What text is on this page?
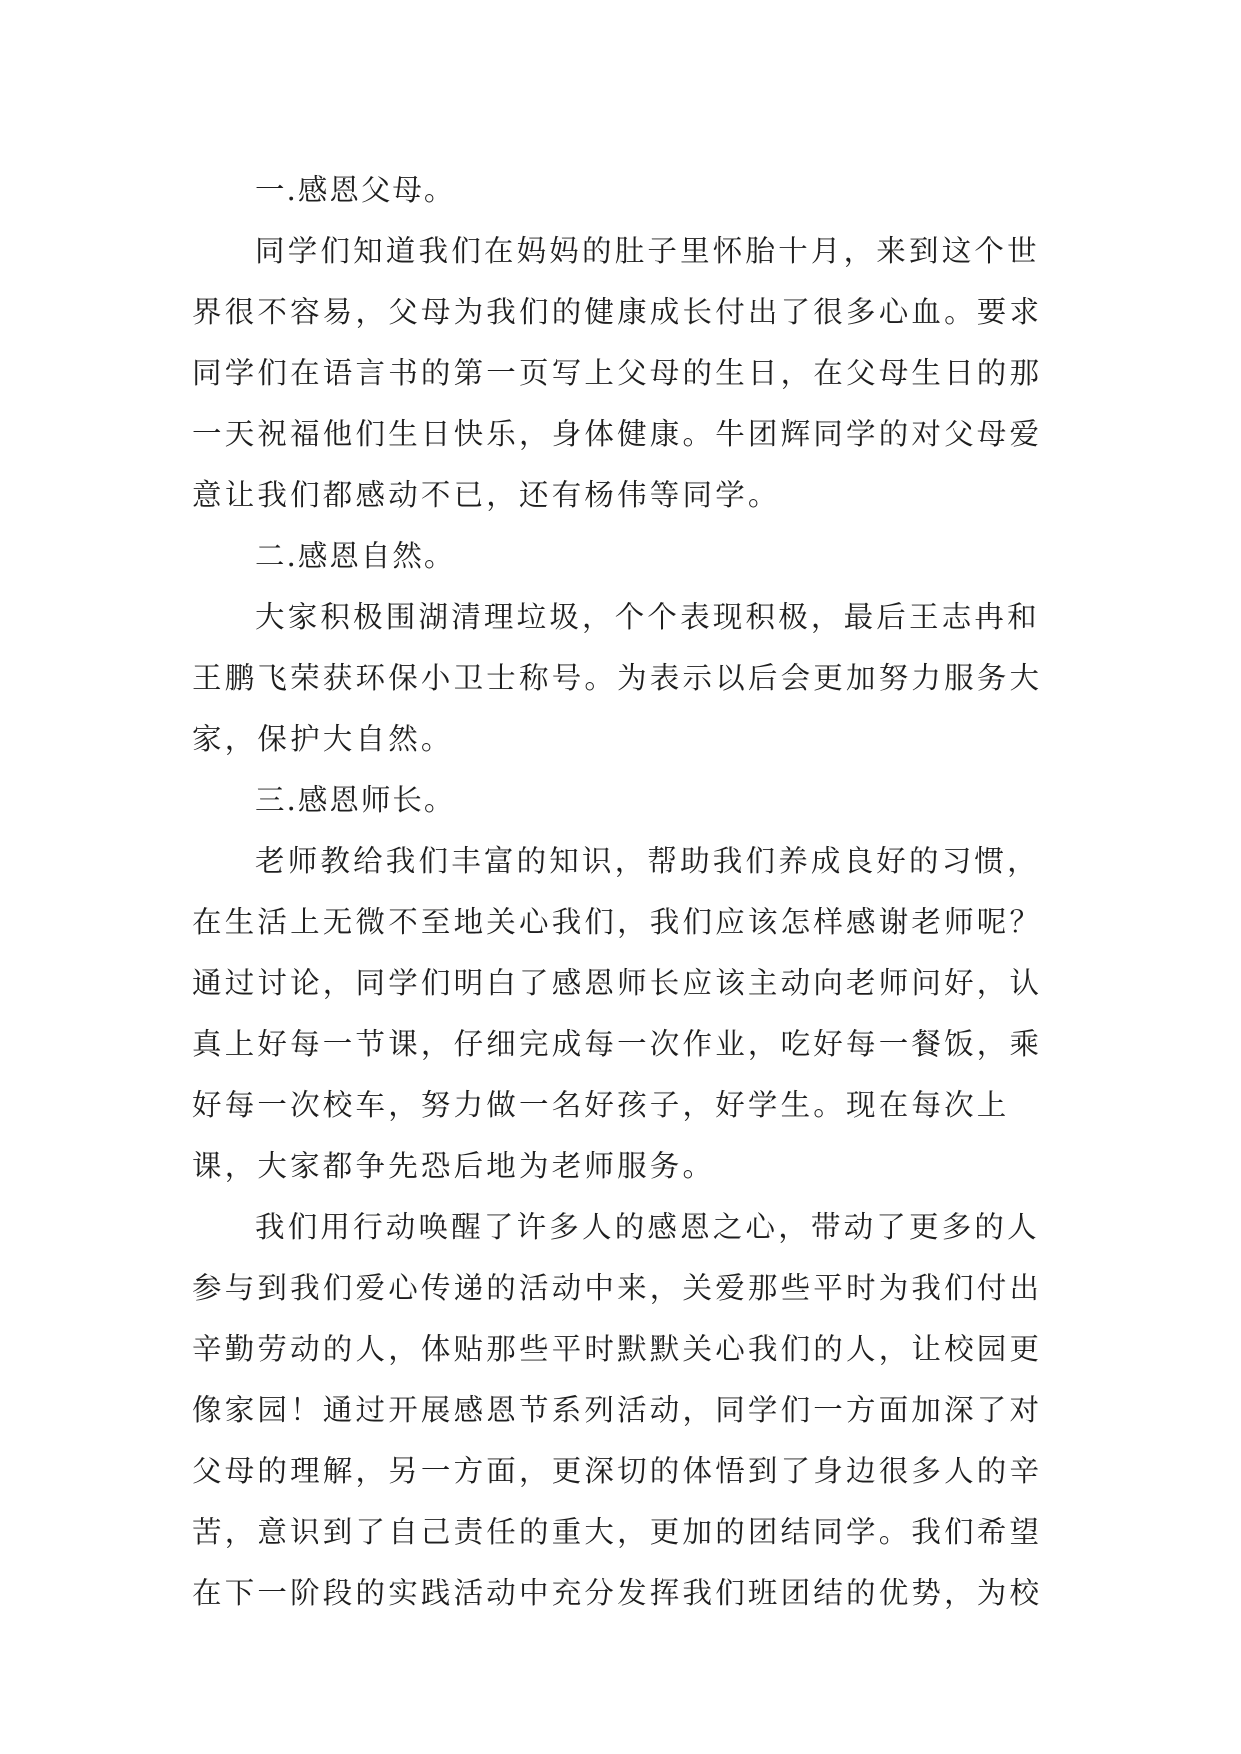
一.感恩父母。

同学们知道我们在妈妈的肚子里怀胎十月，来到这个世界很不容易，父母为我们的健康成长付出了很多心血。要求同学们在语言书的第一页写上父母的生日，在父母生日的那一天祝福他们生日快乐，身体健康。牛团辉同学的对父母爱意让我们都感动不已，还有杨伟等同学。

二.感恩自然。

大家积极围湖清理垃圾，个个表现积极，最后王志冉和王鹏飞荣获环保小卫士称号。为表示以后会更加努力服务大家，保护大自然。

三.感恩师长。

老师教给我们丰富的知识，帮助我们养成良好的习惯，在生活上无微不至地关心我们，我们应该怎样感谢老师呢？通过讨论，同学们明白了感恩师长应该主动向老师问好，认真上好每一节课，仔细完成每一次作业，吃好每一餐饭，乘好每一次校车，努力做一名好孩子，好学生。现在每次上课，大家都争先恐后地为老师服务。

我们用行动唤醒了许多人的感恩之心，带动了更多的人参与到我们爱心传递的活动中来，关爱那些平时为我们付出辛勤劳动的人，体贴那些平时默默关心我们的人，让校园更像家园！通过开展感恩节系列活动，同学们一方面加深了对父母的理解，另一方面，更深切的体悟到了身边很多人的辛苦，意识到了自己责任的重大，更加的团结同学。我们希望在下一阶段的实践活动中充分发挥我们班团结的优势，为校
